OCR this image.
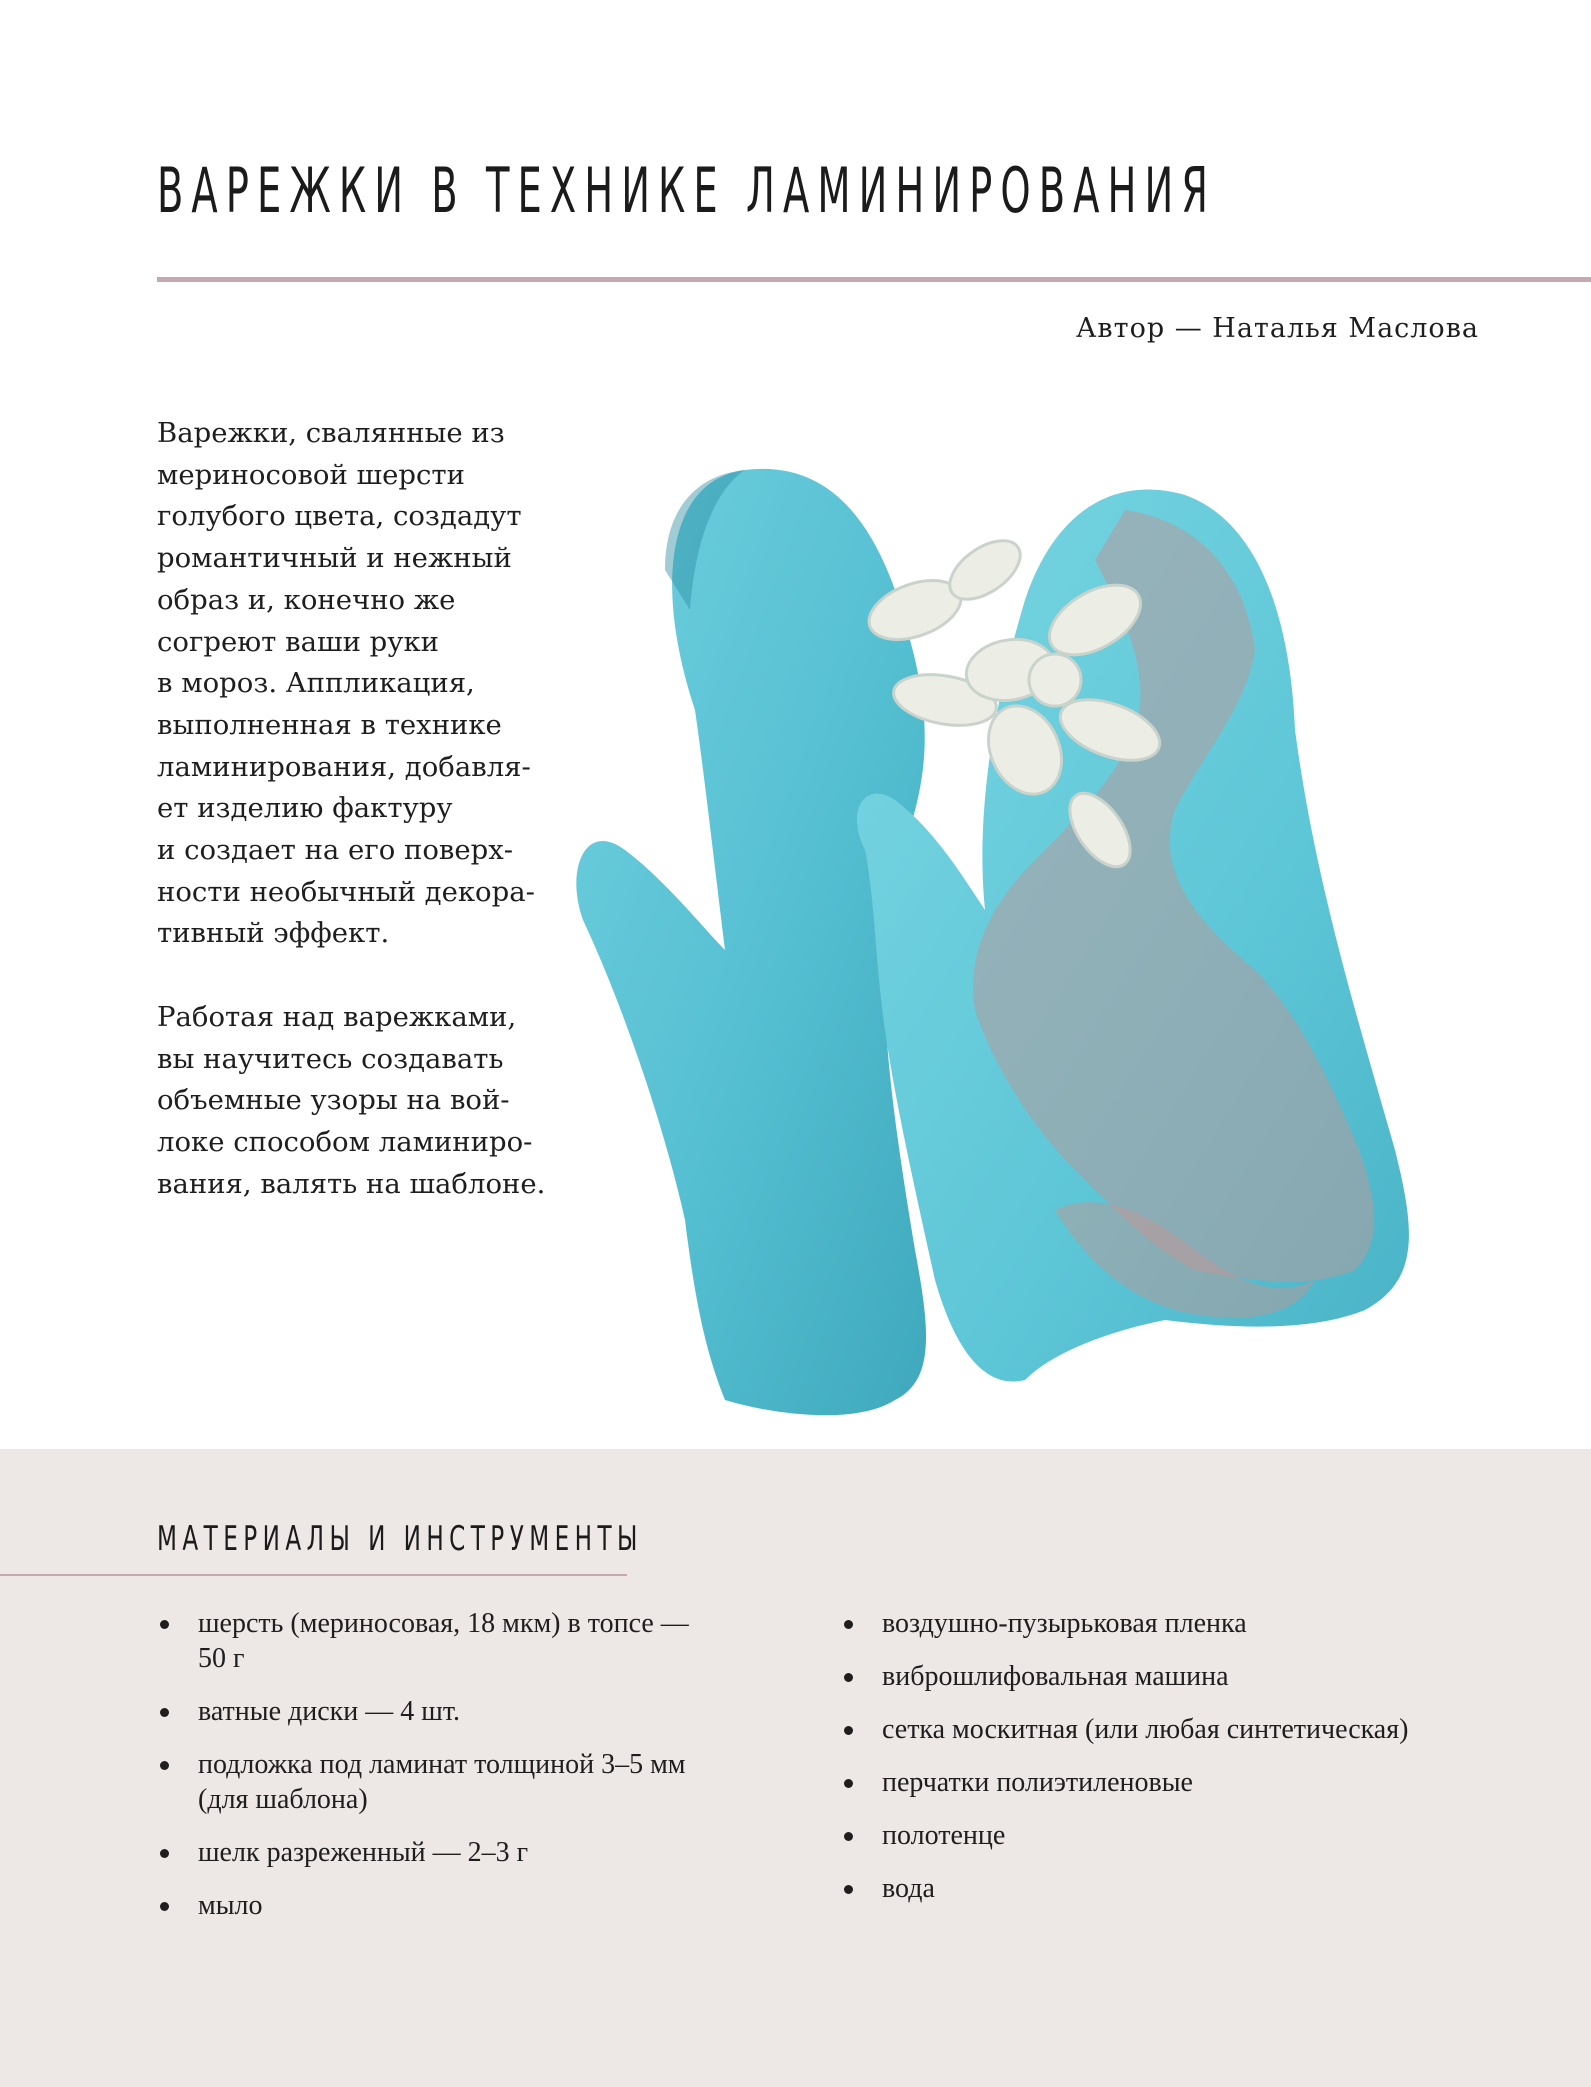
ВАРЕЖКИ В ТЕХНИКЕ ЛАМИНИРОВАНИЯ
Автор — Наталья Маслова

Варежки, свалянные из
мериносовой шерсти
голубого цвета, создадут
романтичный и нежный
образ и, конечно же
согреют ваши руки
в мороз. Аппликация,
выполненная в технике
ламинирования, добавля-
ет изделию фактуру
и создает на его поверх-
ности необычный декора-
тивный эффект.

Работая над варежками,
вы научитесь создавать
объемные узоры на вой-
локе способом ламиниро-
вания, валять на шаблоне.

МАТЕРИАЛЫ И ИНСТРУМЕНТЫ
шерсть (мериносовая, 18 мкм) в топсе —
50 г
ватные диски — 4 шт.
подложка под ламинат толщиной 3–5 мм
(для шаблона)
шелк разреженный — 2–3 г
мыло
воздушно-пузырьковая пленка
виброшлифовальная машина
сетка москитная (или любая синтетическая)
перчатки полиэтиленовые
полотенце
вода
